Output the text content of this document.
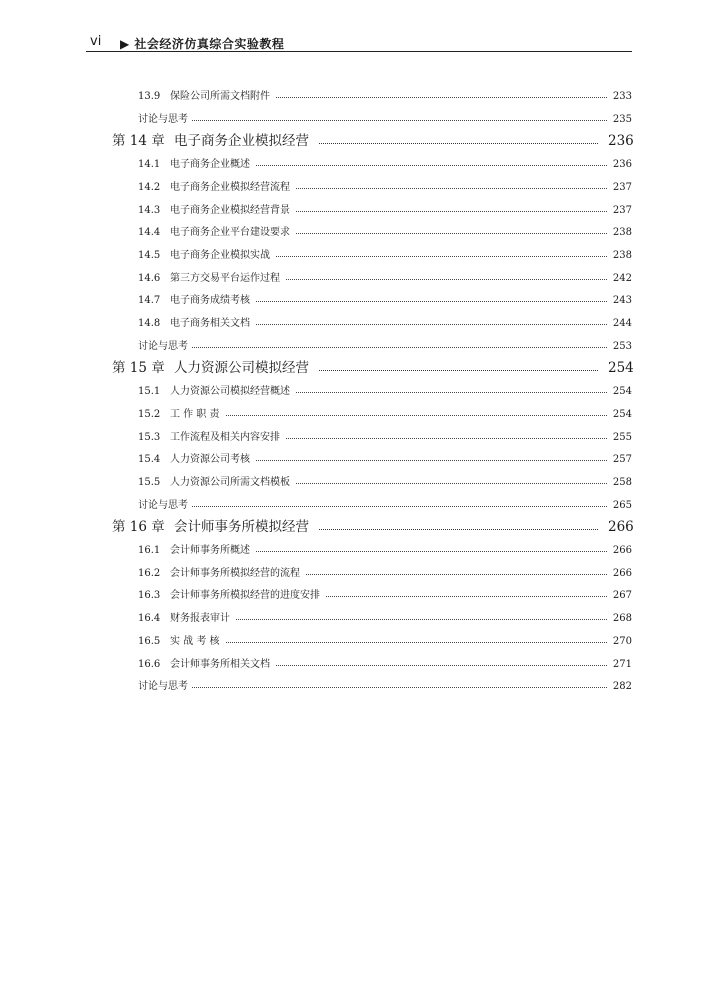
vi ▶ 社会经济仿真综合实验教程
13.9 保险公司所需文档附件	233
讨论与思考	235
第 14 章 电子商务企业模拟经营	236
14.1 电子商务企业概述	236
14.2 电子商务企业模拟经营流程	237
14.3 电子商务企业模拟经营背景	237
14.4 电子商务企业平台建设要求	238
14.5 电子商务企业模拟实战	238
14.6 第三方交易平台运作过程	242
14.7 电子商务成绩考核	243
14.8 电子商务相关文档	244
讨论与思考	253
第 15 章 人力资源公司模拟经营	254
15.1 人力资源公司模拟经营概述	254
15.2 工 作 职 责	254
15.3 工作流程及相关内容安排	255
15.4 人力资源公司考核	257
15.5 人力资源公司所需文档模板	258
讨论与思考	265
第 16 章 会计师事务所模拟经营	266
16.1 会计师事务所概述	266
16.2 会计师事务所模拟经营的流程	266
16.3 会计师事务所模拟经营的进度安排	267
16.4 财务报表审计	268
16.5 实 战 考 核	270
16.6 会计师事务所相关文档	271
讨论与思考	282
